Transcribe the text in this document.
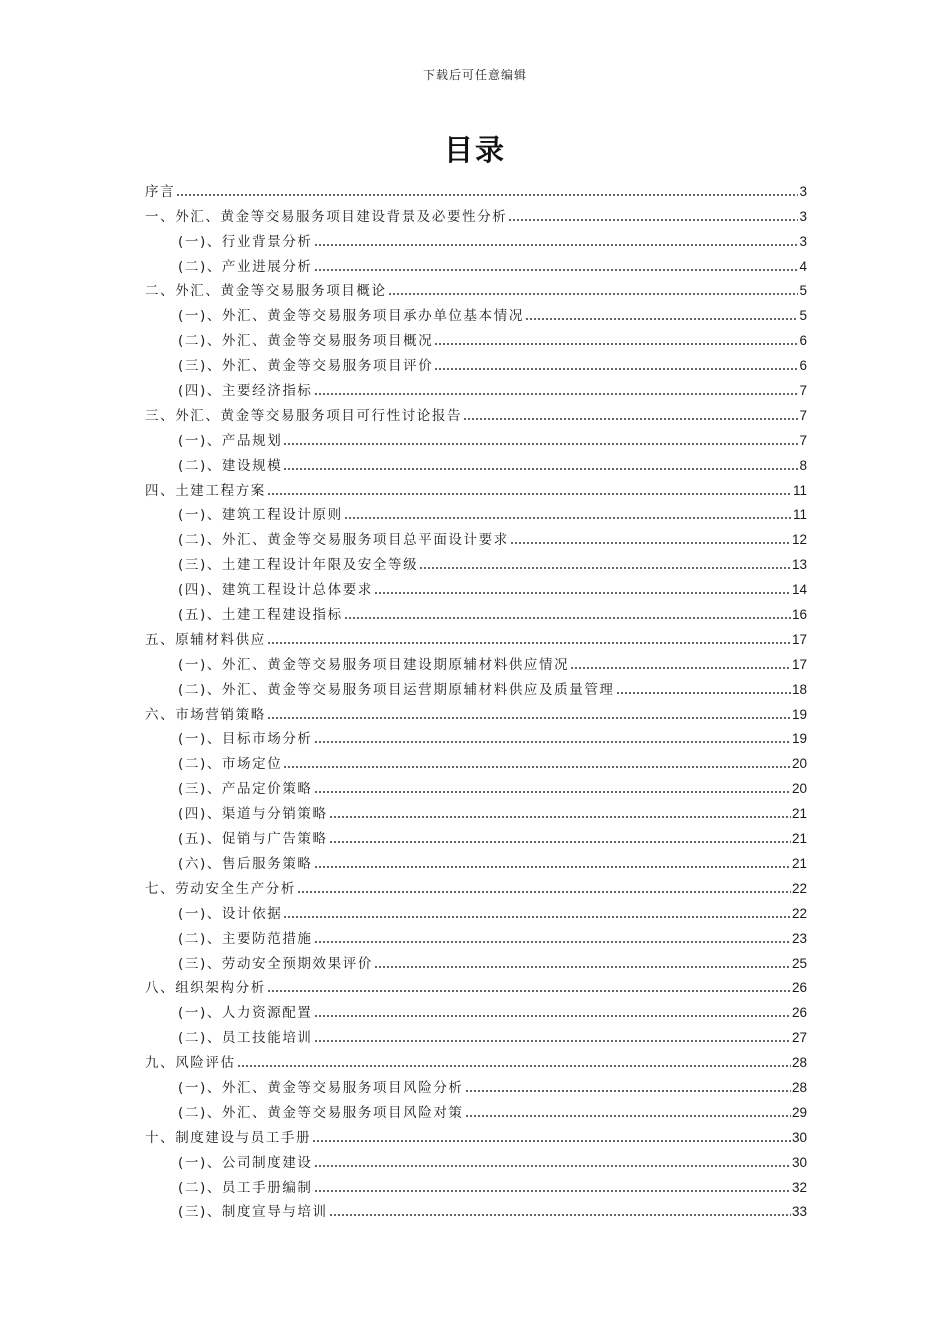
下载后可任意编辑
目录
序言	3
一、外汇、黄金等交易服务项目建设背景及必要性分析	3
(一)、行业背景分析	3
(二)、产业进展分析	4
二、外汇、黄金等交易服务项目概论	5
(一)、外汇、黄金等交易服务项目承办单位基本情况	5
(二)、外汇、黄金等交易服务项目概况	6
(三)、外汇、黄金等交易服务项目评价	6
(四)、主要经济指标	7
三、外汇、黄金等交易服务项目可行性讨论报告	7
(一)、产品规划	7
(二)、建设规模	8
四、土建工程方案	11
(一)、建筑工程设计原则	11
(二)、外汇、黄金等交易服务项目总平面设计要求	12
(三)、土建工程设计年限及安全等级	13
(四)、建筑工程设计总体要求	14
(五)、土建工程建设指标	16
五、原辅材料供应	17
(一)、外汇、黄金等交易服务项目建设期原辅材料供应情况	17
(二)、外汇、黄金等交易服务项目运营期原辅材料供应及质量管理	18
六、市场营销策略	19
(一)、目标市场分析	19
(二)、市场定位	20
(三)、产品定价策略	20
(四)、渠道与分销策略	21
(五)、促销与广告策略	21
(六)、售后服务策略	21
七、劳动安全生产分析	22
(一)、设计依据	22
(二)、主要防范措施	23
(三)、劳动安全预期效果评价	25
八、组织架构分析	26
(一)、人力资源配置	26
(二)、员工技能培训	27
九、风险评估	28
(一)、外汇、黄金等交易服务项目风险分析	28
(二)、外汇、黄金等交易服务项目风险对策	29
十、制度建设与员工手册	30
(一)、公司制度建设	30
(二)、员工手册编制	32
(三)、制度宣导与培训	33
